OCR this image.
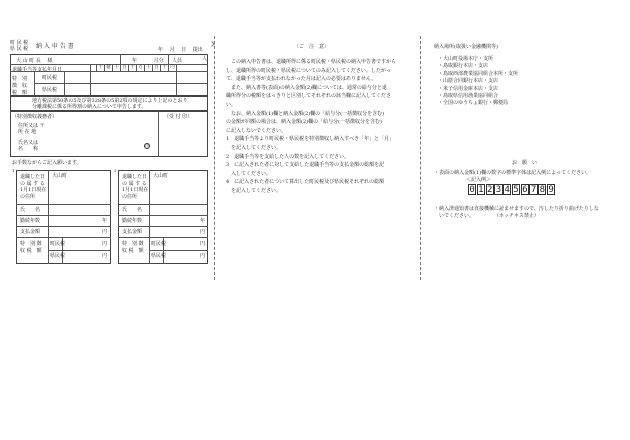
町 民 税
県 民 税 納 入 申 告 書	年　 月　 日　 提出
大 山 町 長　 様	年　　　 月分 人員	人
退職手当等支払年月日	十 億 千 百 十 万 千 百 十 円
特　別 徴　収　税　額
町民税
県民税
地方税法第50条の5及び第328条の5第2項の規定により上記のとおり
分離課税に係る所得割の納入について申告します。
（特別徴収義務者）	（受 付 印）
住所又は 〒
所 在 地
氏名又は
名　　称	印
お手数ながらご記入願います。
1
退職した日
の 属 す る
1月1日現在
の住所
大山町
氏　　名
勤続年数	年
支払金額	円
特　別 徴　収 税　額
町民税	円
県民税	円
2
退職した日
の 属 す る
1月1日現在
の住所
大山町
氏　　名
勤続年数	年
支払金額	円
特　別 徴　収 税　額
町民税	円
県民税	円
〔ご　注　意〕
　この納入申告書は、退職所得に係る町民税・県民税の納入申告書ですから
し、退職所得の町民税・県民税についてのみ記入してください。したがっ
て、退職手当等が支払われなかった月は記入の必要はありません。
　また、納入書等(表面)の納入金額(2)欄については、通常の給与分と退
職所得分の税額をはっきりと区別してそれぞれの該当欄に記入してくださ
い。
　なお、納入金額(1)欄と納入金額(2)欄の「給与分(一括徴収分を含む)
の金額が同額の場合は、納入金額(2)欄の「給与分(一括徴収分を含む)
に記入しないでください。
1　退職手当等より町民税・県民税を特別徴収し納入すべき「年」と「月」
　を記入してください。
2　退職手当等を支給した人の数を記入してください。
3　に記入された者に対して支給した退職手当等の支払金額の総額を記
　入してください。
4　に記入された者について算出した町民税及び県民税それぞれの総額
　を記入してください。
納入場所(取扱い金融機関等)
・大山町役場本庁・支所
・鳥取銀行本店・支店
・鳥取西部農業協同組合本所・支所
・山陰合同銀行本店・支店
・米子信用金庫本店・支店
・鳥取県信用漁業協同組合
・全国のゆうちょ銀行・郵便局
お　願　い
・表面の納入金額(1)欄の数字の標準字体は記入例によってください。
＜記入例＞
0 1 2 3 4 5 6 7 8 9
・納入済通知書は直接機械に読ませますので、汚したり折り曲げたりしな
　いでください。　　　　　（ホッチキス禁止）
